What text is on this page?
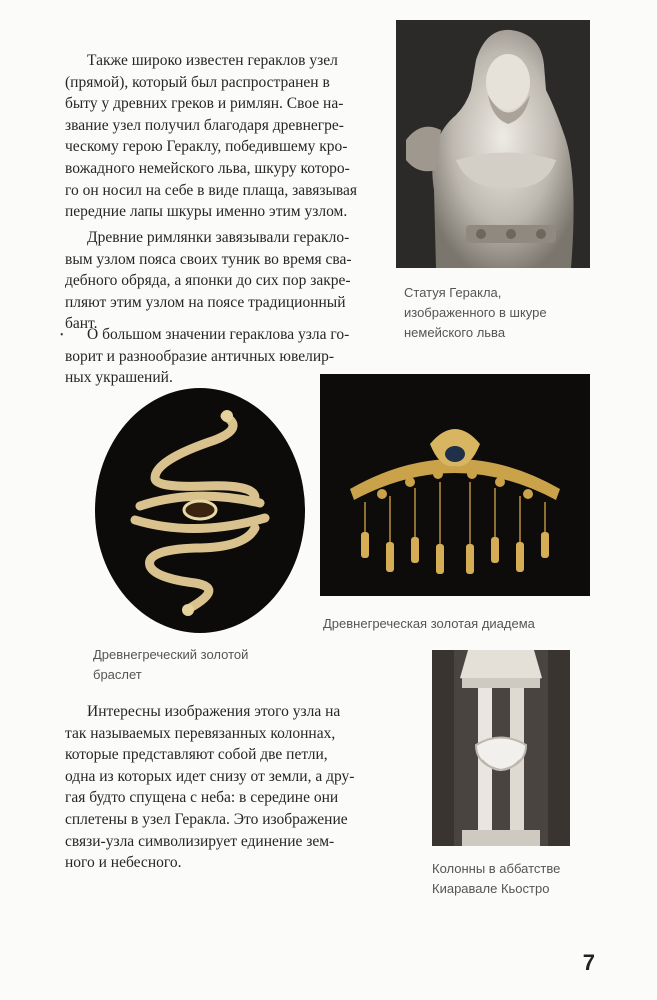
Также широко известен гераклов узел
(прямой), который был распространен в
быту у древних греков и римлян. Свое на-
звание узел получил благодаря древнегре-
ческому герою Гераклу, победившему кро-
вожадного немейского льва, шкуру которо-
го он носил на себе в виде плаща, завязывая
передние лапы шкуры именно этим узлом.
Древние римлянки завязывали геракло-
вым узлом пояса своих туник во время сва-
дебного обряда, а японки до сих пор закре-
пляют этим узлом на поясе традиционный
бант.
•	О большом значении гераклова узла го-
ворит и разнообразие античных ювелир-
ных украшений.
Статуя Геракла,
изображенного в шкуре
немейского льва
Древнегреческий золотой
браслет
Древнегреческая золотая диадема
Интересны изображения этого узла на
так называемых перевязанных колоннах,
которые представляют собой две петли,
одна из которых идет снизу от земли, а дру-
гая будто спущена с неба: в середине они
сплетены в узел Геракла. Это изображение
связи-узла символизирует единение зем-
ного и небесного.	Колонны в аббатстве
Киаравале Кьостро
7
